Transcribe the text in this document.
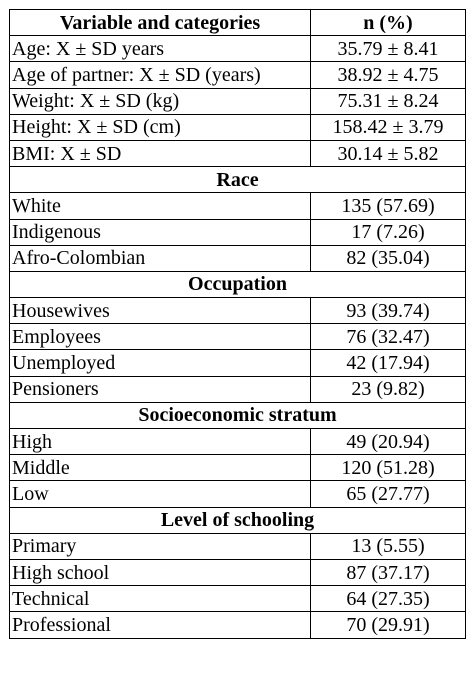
Variable and categories	n (%)
Age: X ± SD years	35.79 ± 8.41
Age of partner: X ± SD (years)	38.92 ± 4.75
Weight: X ± SD (kg)	75.31 ± 8.24
Height: X ± SD (cm)	158.42 ± 3.79
BMI: X ± SD	30.14 ± 5.82
Race	
White	135 (57.69)
Indigenous	17 (7.26)
Afro-Colombian	82 (35.04)
Occupation	
Housewives	93 (39.74)
Employees	76 (32.47)
Unemployed	42 (17.94)
Pensioners	23 (9.82)
Socioeconomic stratum	
High	49 (20.94)
Middle	120 (51.28)
Low	65 (27.77)
Level of schooling	
Primary	13 (5.55)
High school	87 (37.17)
Technical	64 (27.35)
Professional	70 (29.91)
